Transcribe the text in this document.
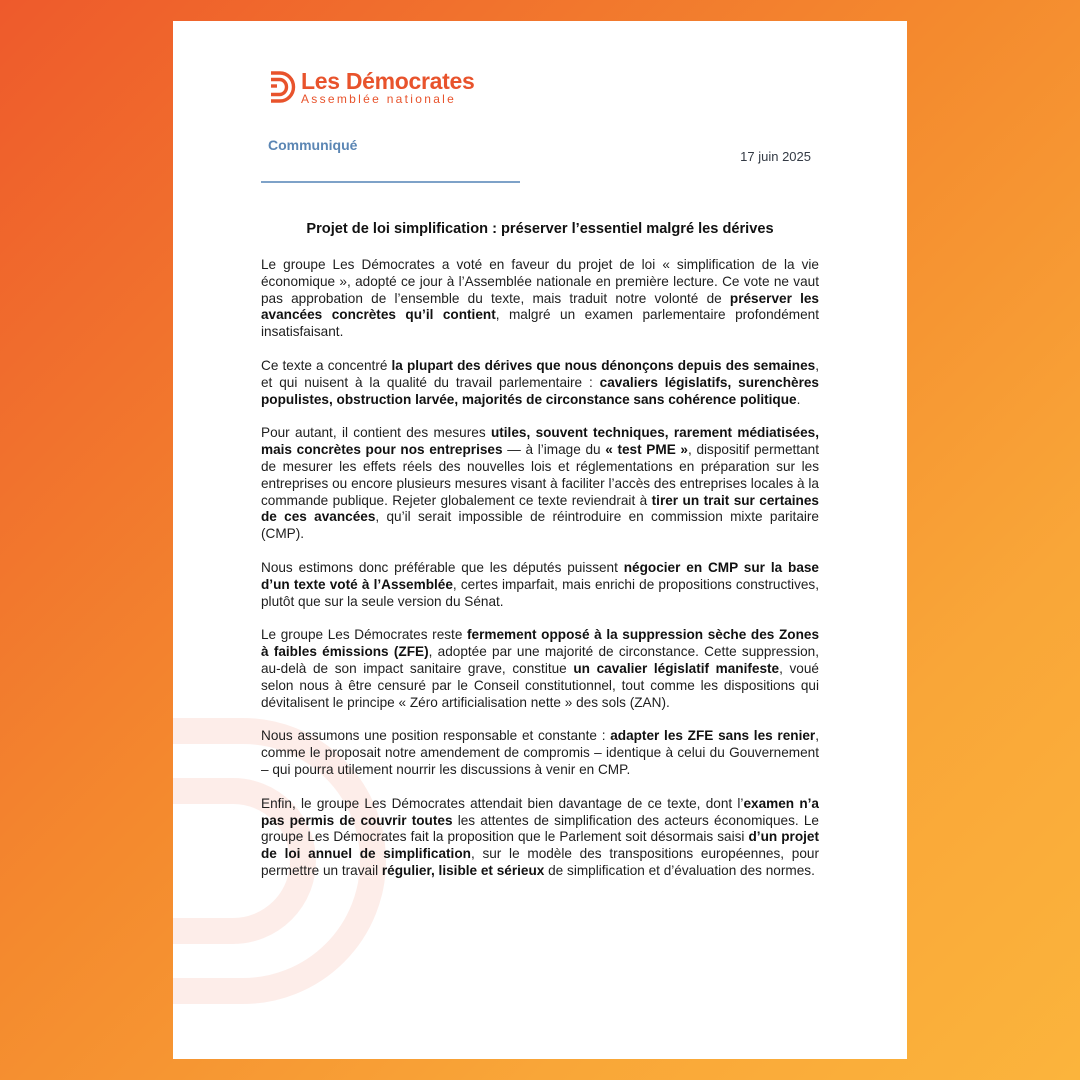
Les Démocrates
Assemblée nationale
Communiqué
17 juin 2025
Projet de loi simplification : préserver l’essentiel malgré les dérives

Le groupe Les Démocrates a voté en faveur du projet de loi « simplification de la vie économique », adopté ce jour à l’Assemblée nationale en première lecture. Ce vote ne vaut pas approbation de l’ensemble du texte, mais traduit notre volonté de préserver les avancées concrètes qu’il contient, malgré un examen parlementaire profondément insatisfaisant.

Ce texte a concentré la plupart des dérives que nous dénonçons depuis des semaines, et qui nuisent à la qualité du travail parlementaire : cavaliers législatifs, surenchères populistes, obstruction larvée, majorités de circonstance sans cohérence politique.

Pour autant, il contient des mesures utiles, souvent techniques, rarement médiatisées, mais concrètes pour nos entreprises — à l’image du « test PME », dispositif permettant de mesurer les effets réels des nouvelles lois et réglementations en préparation sur les entreprises ou encore plusieurs mesures visant à faciliter l’accès des entreprises locales à la commande publique. Rejeter globalement ce texte reviendrait à tirer un trait sur certaines de ces avancées, qu’il serait impossible de réintroduire en commission mixte paritaire (CMP).

Nous estimons donc préférable que les députés puissent négocier en CMP sur la base d’un texte voté à l’Assemblée, certes imparfait, mais enrichi de propositions constructives, plutôt que sur la seule version du Sénat.

Le groupe Les Démocrates reste fermement opposé à la suppression sèche des Zones à faibles émissions (ZFE), adoptée par une majorité de circonstance. Cette suppression, au-delà de son impact sanitaire grave, constitue un cavalier législatif manifeste, voué selon nous à être censuré par le Conseil constitutionnel, tout comme les dispositions qui dévitalisent le principe « Zéro artificialisation nette » des sols (ZAN).

Nous assumons une position responsable et constante : adapter les ZFE sans les renier, comme le proposait notre amendement de compromis – identique à celui du Gouvernement – qui pourra utilement nourrir les discussions à venir en CMP.

Enfin, le groupe Les Démocrates attendait bien davantage de ce texte, dont l’examen n’a pas permis de couvrir toutes les attentes de simplification des acteurs économiques. Le groupe Les Démocrates fait la proposition que le Parlement soit désormais saisi d’un projet de loi annuel de simplification, sur le modèle des transpositions européennes, pour permettre un travail régulier, lisible et sérieux de simplification et d’évaluation des normes.
